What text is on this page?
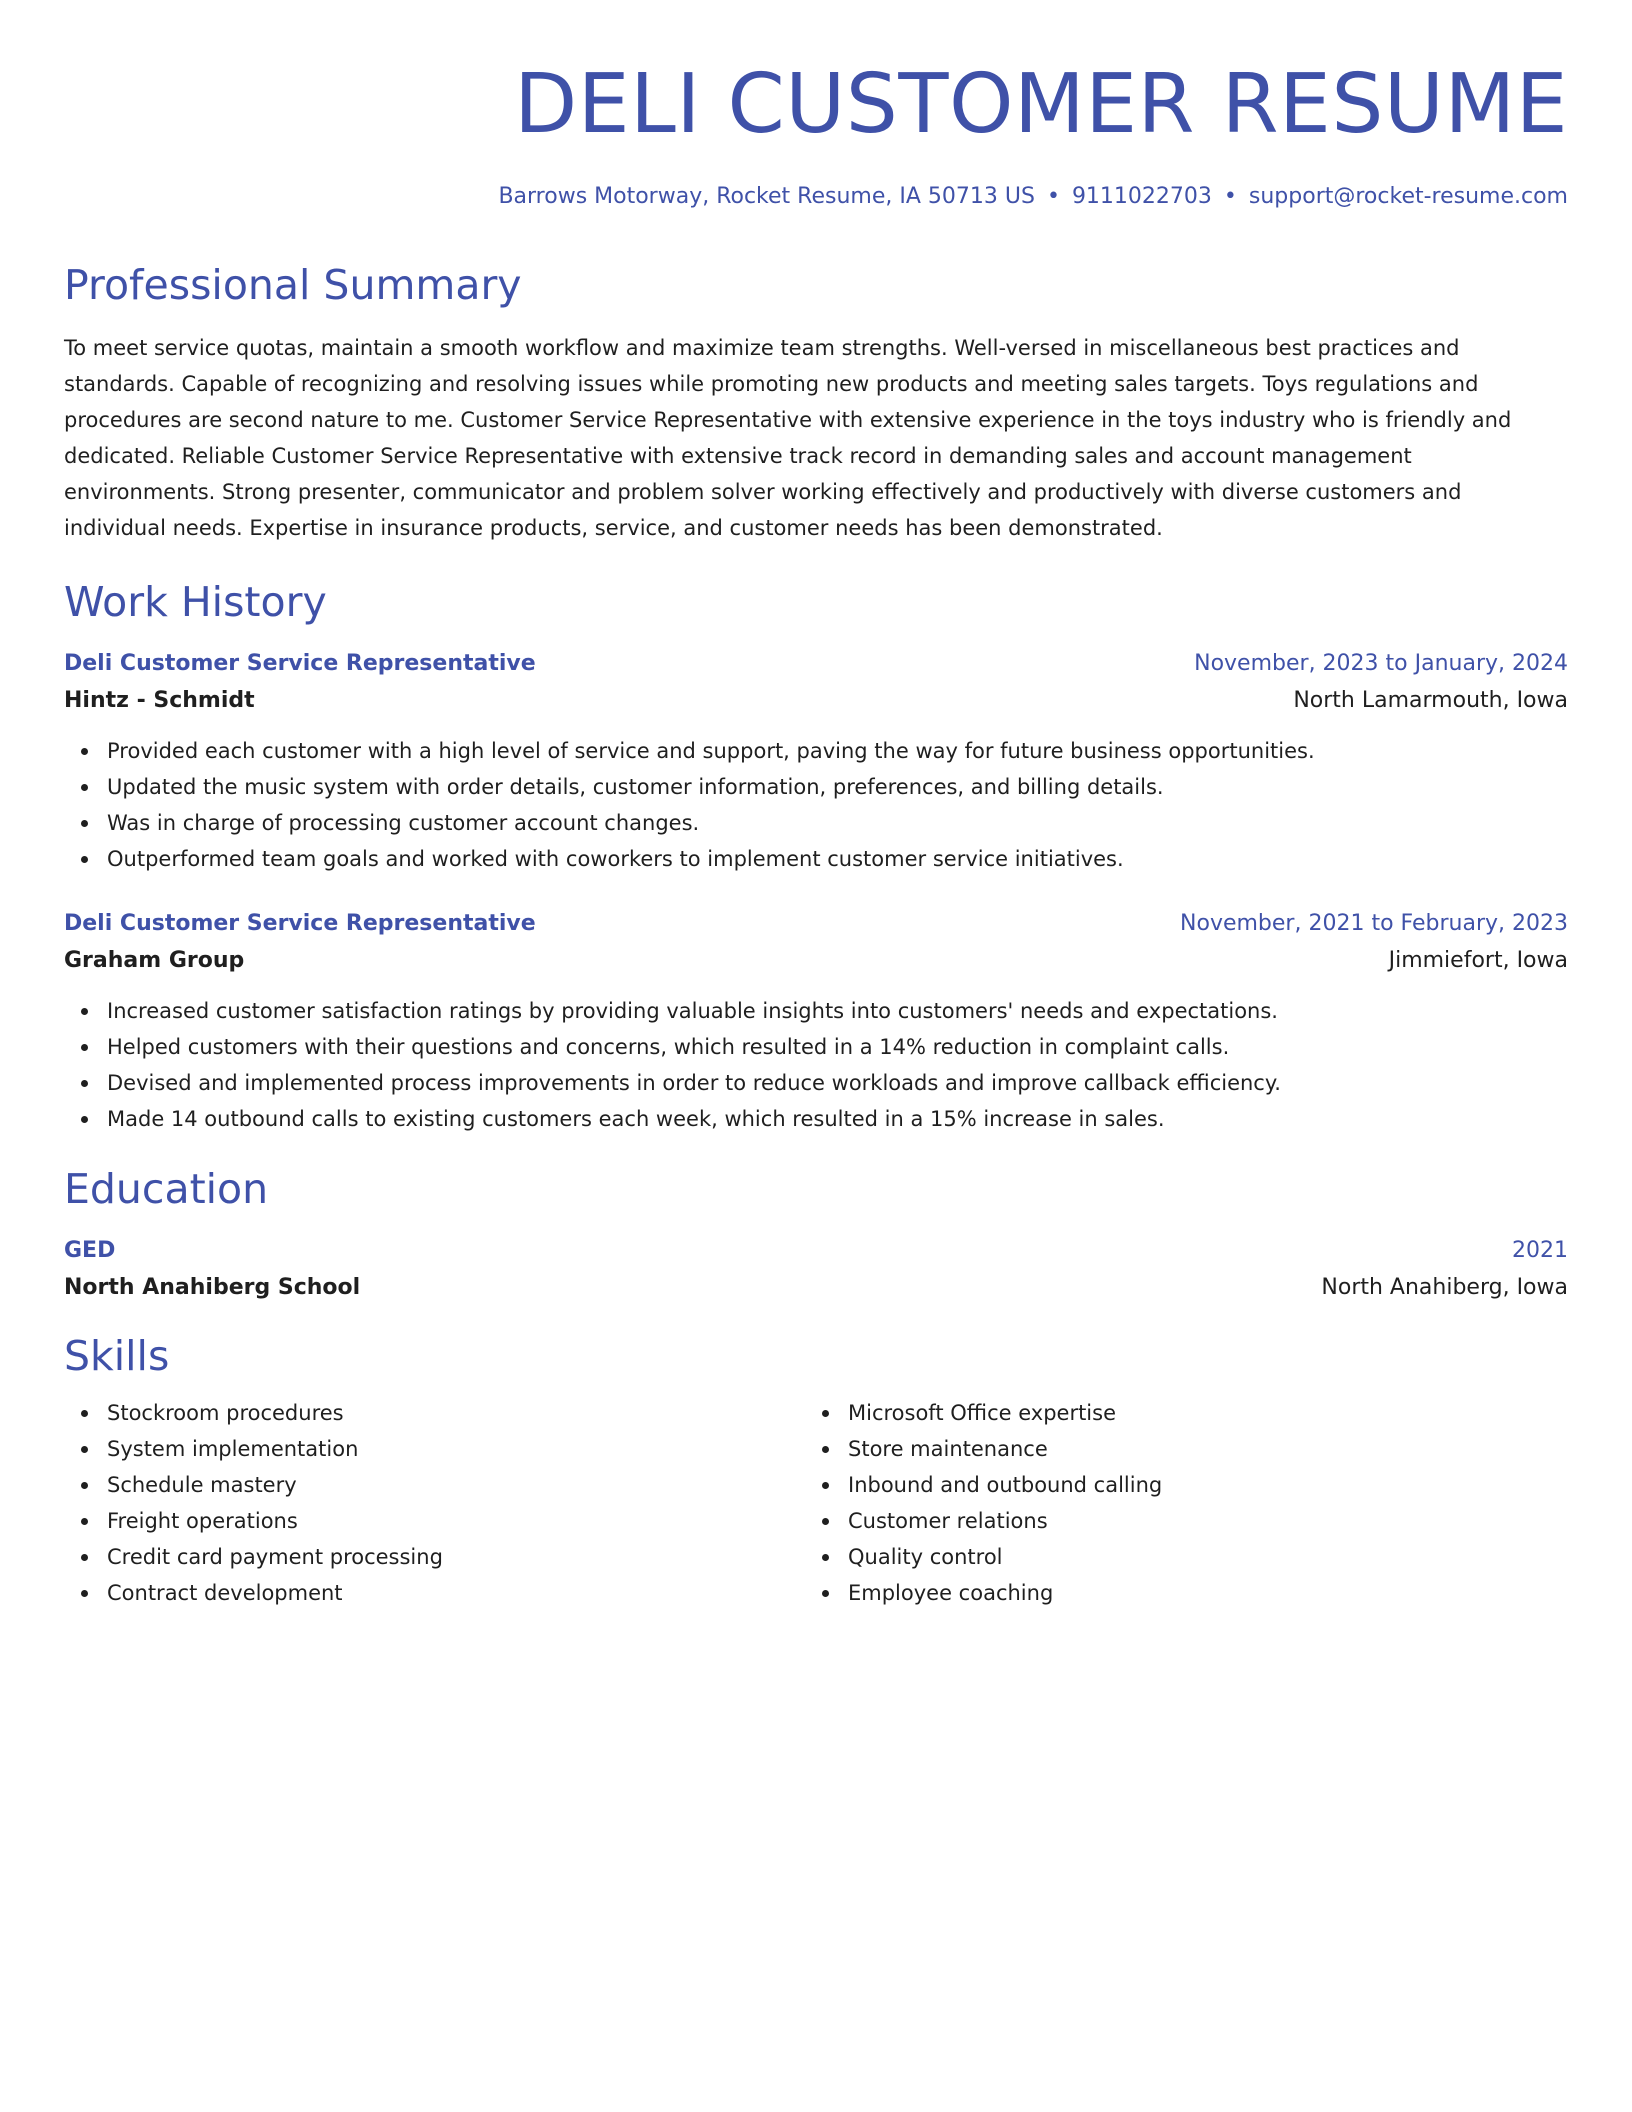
DELI CUSTOMER RESUME
Barrows Motorway, Rocket Resume, IA 50713 US • 9111022703 • support@rocket-resume.com
Professional Summary
To meet service quotas, maintain a smooth workflow and maximize team strengths. Well-versed in miscellaneous best practices and standards. Capable of recognizing and resolving issues while promoting new products and meeting sales targets. Toys regulations and procedures are second nature to me. Customer Service Representative with extensive experience in the toys industry who is friendly and dedicated. Reliable Customer Service Representative with extensive track record in demanding sales and account management environments. Strong presenter, communicator and problem solver working effectively and productively with diverse customers and individual needs. Expertise in insurance products, service, and customer needs has been demonstrated.
Work History
Deli Customer Service Representative	November, 2023 to January, 2024
Hintz - Schmidt	North Lamarmouth, Iowa
Provided each customer with a high level of service and support, paving the way for future business opportunities.
Updated the music system with order details, customer information, preferences, and billing details.
Was in charge of processing customer account changes.
Outperformed team goals and worked with coworkers to implement customer service initiatives.
Deli Customer Service Representative	November, 2021 to February, 2023
Graham Group	Jimmiefort, Iowa
Increased customer satisfaction ratings by providing valuable insights into customers' needs and expectations.
Helped customers with their questions and concerns, which resulted in a 14% reduction in complaint calls.
Devised and implemented process improvements in order to reduce workloads and improve callback efficiency.
Made 14 outbound calls to existing customers each week, which resulted in a 15% increase in sales.
Education
GED	2021
North Anahiberg School	North Anahiberg, Iowa
Skills
Stockroom procedures
System implementation
Schedule mastery
Freight operations
Credit card payment processing
Contract development
Microsoft Office expertise
Store maintenance
Inbound and outbound calling
Customer relations
Quality control
Employee coaching
